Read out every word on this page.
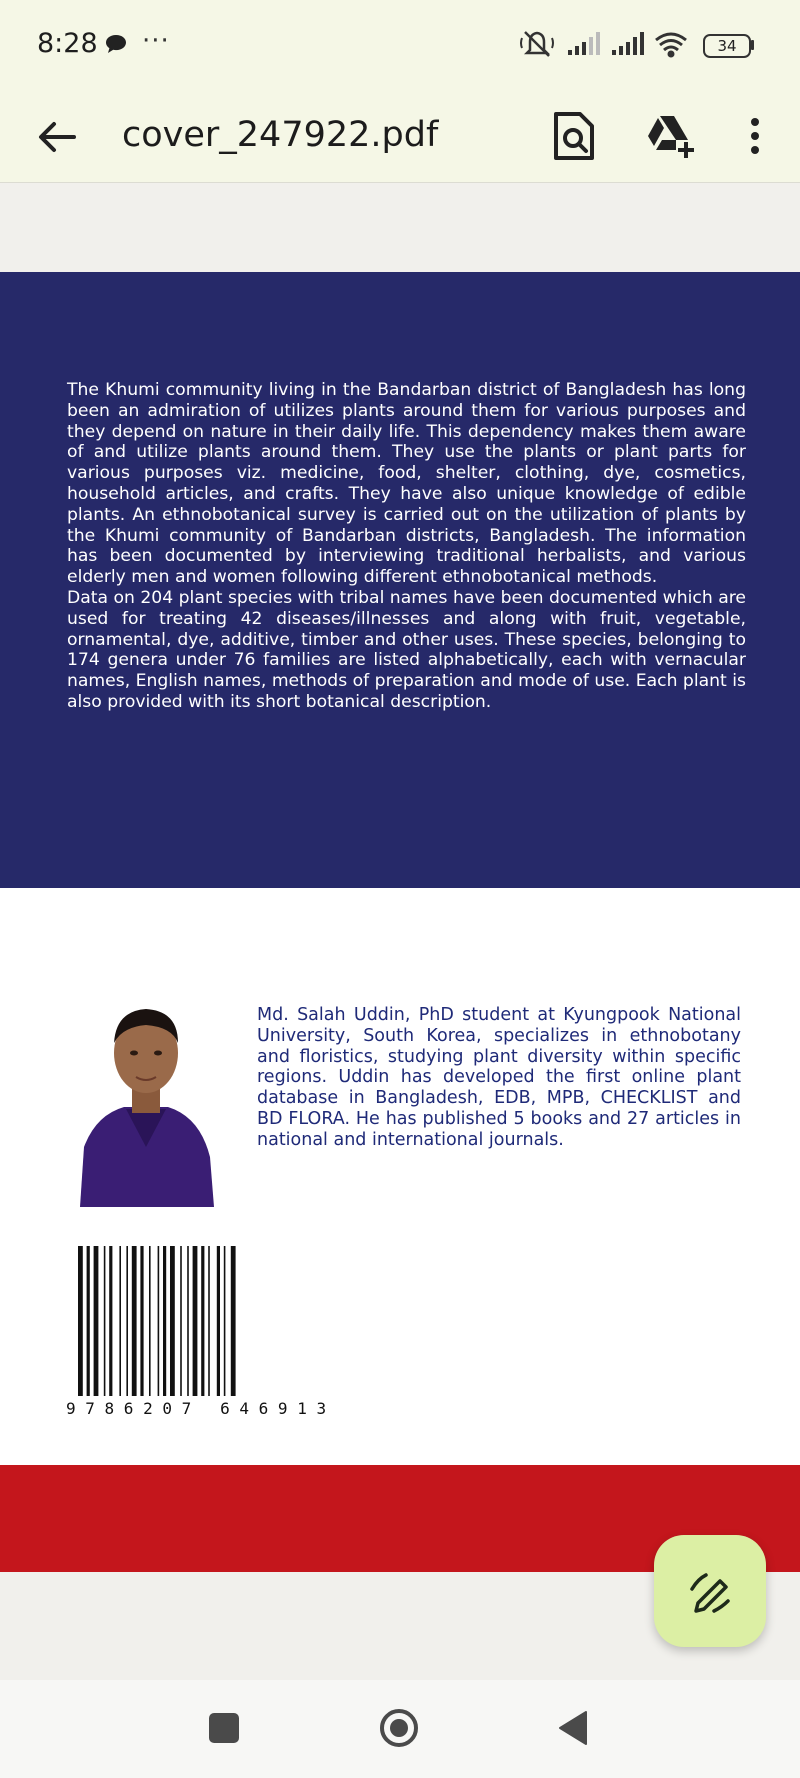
8:28 ···	34
cover_247922.pdf

The Khumi community living in the Bandarban district of Bangladesh has long been an admiration of utilizes plants around them for various purposes and they depend on nature in their daily life. This dependency makes them aware of and utilize plants around them. They use the plants or plant parts for various purposes viz. medicine, food, shelter, clothing, dye, cosmetics, household articles, and crafts. They have also unique knowledge of edible plants. An ethnobotanical survey is carried out on the utilization of plants by the Khumi community of Bandarban districts, Bangladesh. The information has been documented by interviewing traditional herbalists, and various elderly men and women following different ethnobotanical methods.

Data on 204 plant species with tribal names have been documented which are used for treating 42 diseases/illnesses and along with fruit, vegetable, ornamental, dye, additive, timber and other uses. These species, belonging to 174 genera under 76 families are listed alphabetically, each with vernacular names, English names, methods of preparation and mode of use. Each plant is also provided with its short botanical description.

Md. Salah Uddin, PhD student at Kyungpook National University, South Korea, specializes in ethnobotany and floristics, studying plant diversity within specific regions. Uddin has developed the first online plant database in Bangladesh, EDB, MPB, CHECKLIST and BD FLORA. He has published 5 books and 27 articles in national and international journals.
9 7 8 6 2 0 7   6 4 6 9 1 3
